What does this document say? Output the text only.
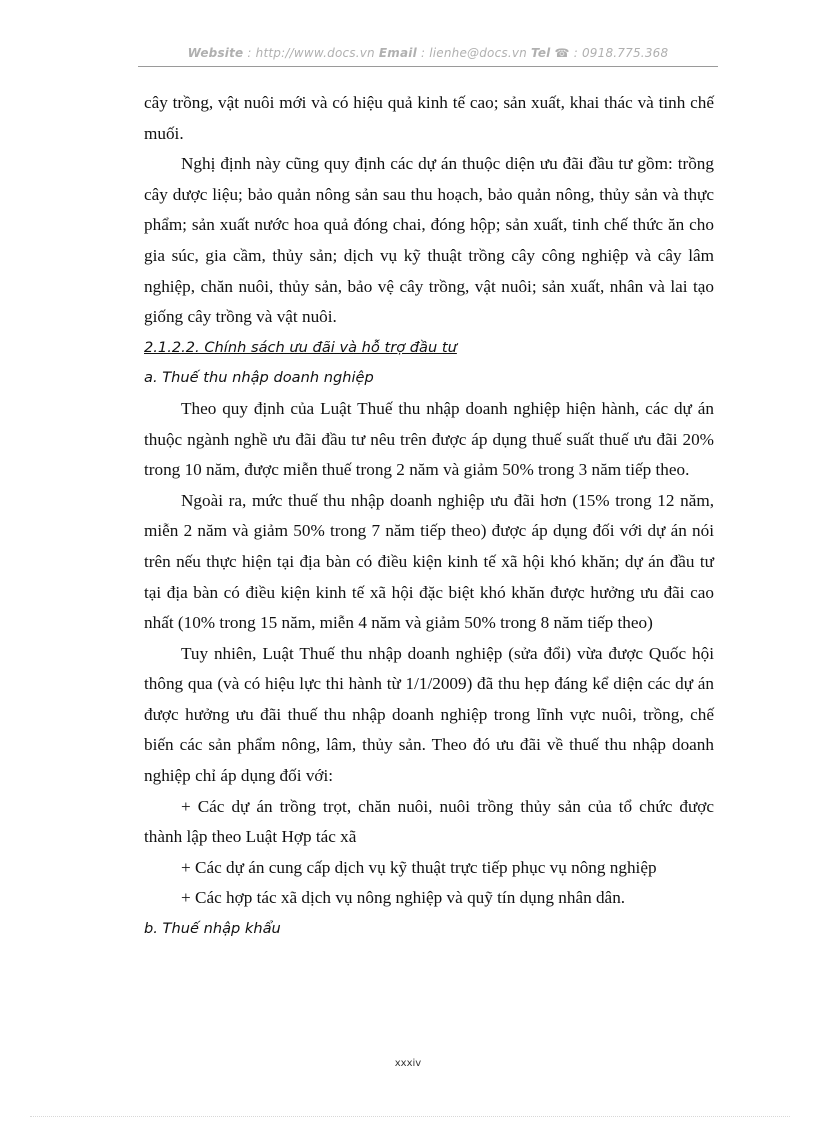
Website : http://www.docs.vn Email : lienhe@docs.vn Tel ☎ : 0918.775.368

cây trồng, vật nuôi mới và có hiệu quả kinh tế cao; sản xuất, khai thác và tinh chế muối.

Nghị định này cũng quy định các dự án thuộc diện ưu đãi đầu tư gồm: trồng cây dược liệu; bảo quản nông sản sau thu hoạch, bảo quản nông, thủy sản và thực phẩm; sản xuất nước hoa quả đóng chai, đóng hộp; sản xuất, tinh chế thức ăn cho gia súc, gia cầm, thủy sản; dịch vụ kỹ thuật trồng cây công nghiệp và cây lâm nghiệp, chăn nuôi, thủy sản, bảo vệ cây trồng, vật nuôi; sản xuất, nhân và lai tạo giống cây trồng và vật nuôi.

2.1.2.2. Chính sách ưu đãi và hỗ trợ đầu tư

a. Thuế thu nhập doanh nghiệp

Theo quy định của Luật Thuế thu nhập doanh nghiệp hiện hành, các dự án thuộc ngành nghề ưu đãi đầu tư nêu trên được áp dụng thuế suất thuế ưu đãi 20% trong 10 năm, được miễn thuế trong 2 năm và giảm 50% trong 3 năm tiếp theo.

Ngoài ra, mức thuế thu nhập doanh nghiệp ưu đãi hơn (15% trong 12 năm, miễn 2 năm và giảm 50% trong 7 năm tiếp theo) được áp dụng đối với dự án nói trên nếu thực hiện tại địa bàn có điều kiện kinh tế xã hội khó khăn; dự án đầu tư tại địa bàn có điều kiện kinh tế xã hội đặc biệt khó khăn được hưởng ưu đãi cao nhất (10% trong 15 năm, miễn 4 năm và giảm 50% trong 8 năm tiếp theo)

Tuy nhiên, Luật Thuế thu nhập doanh nghiệp (sửa đổi) vừa được Quốc hội thông qua (và có hiệu lực thi hành từ 1/1/2009) đã thu hẹp đáng kể diện các dự án được hưởng ưu đãi thuế thu nhập doanh nghiệp trong lĩnh vực nuôi, trồng, chế biến các sản phẩm nông, lâm, thủy sản. Theo đó ưu đãi về thuế thu nhập doanh nghiệp chỉ áp dụng đối với:

+ Các dự án trồng trọt, chăn nuôi, nuôi trồng thủy sản của tổ chức được thành lập theo Luật Hợp tác xã

+ Các dự án cung cấp dịch vụ kỹ thuật trực tiếp phục vụ nông nghiệp

+ Các hợp tác xã dịch vụ nông nghiệp và quỹ tín dụng nhân dân.

b. Thuế nhập khẩu

xxxiv
